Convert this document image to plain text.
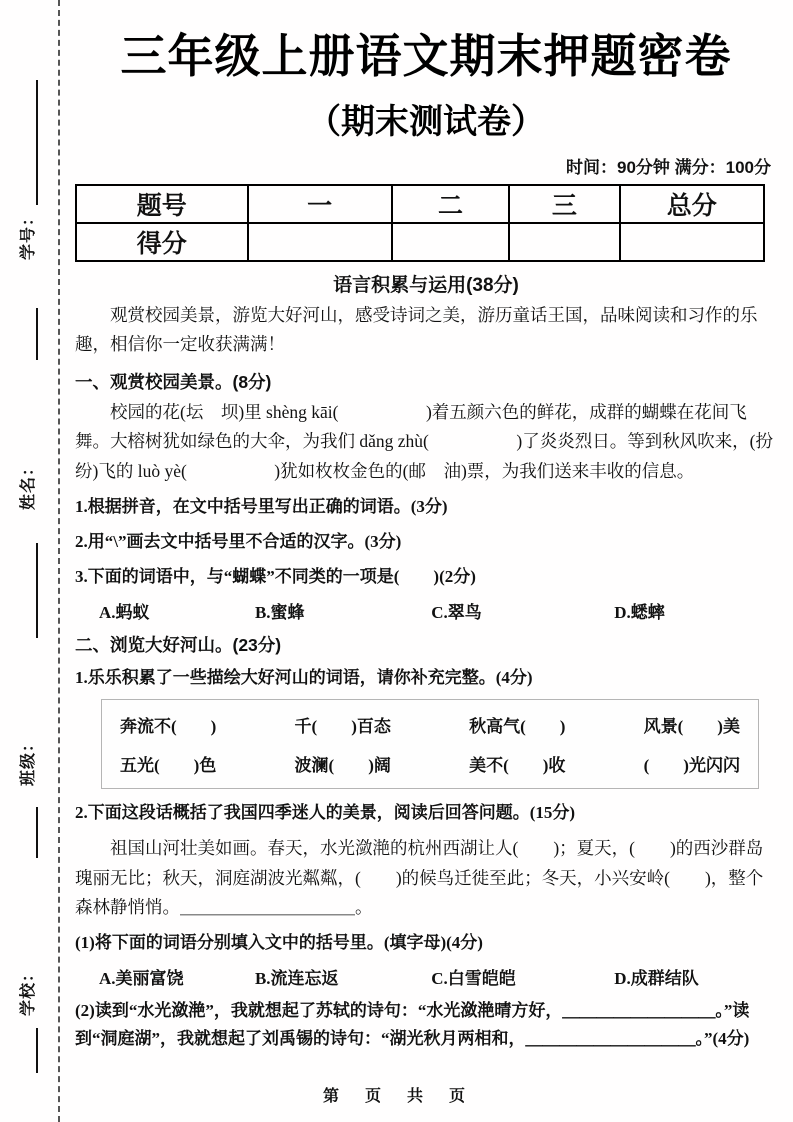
学号：
姓名：
班级：
学校：
三年级上册语文期末押题密卷
（期末测试卷）
时间：90分钟 满分：100分
题号	一	二	三	总分
得分				
语言积累与运用(38分)

观赏校园美景，游览大好河山，感受诗词之美，游历童话王国，品味阅读和习作的乐趣，相信你一定收获满满！

一、观赏校园美景。(8分)

校园的花(坛　坝)里 shèng kāi(　　　　　)着五颜六色的鲜花，成群的蝴蝶在花间飞舞。大榕树犹如绿色的大伞，为我们 dǎng zhù(　　　　　)了炎炎烈日。等到秋风吹来，(扮　纷)飞的 luò yè(　　　　　)犹如枚枚金色的(邮　油)票，为我们送来丰收的信息。

1.根据拼音，在文中括号里写出正确的词语。(3分)

2.用“\”画去文中括号里不合适的汉字。(3分)

3.下面的词语中，与“蝴蝶”不同类的一项是(　　)(2分)

A.蚂蚁	B.蜜蜂	C.翠鸟	D.蟋蟀
二、浏览大好河山。(23分)

1.乐乐积累了一些描绘大好河山的词语，请你补充完整。(4分)

奔流不(　　)	千(　　)百态	秋高气(　　)	风景(　　)美
五光(　　)色	波澜(　　)阔	美不(　　)收	(　　)光闪闪

2.下面这段话概括了我国四季迷人的美景，阅读后回答问题。(15分)

祖国山河壮美如画。春天，水光潋滟的杭州西湖让人(　　)；夏天，(　　)的西沙群岛瑰丽无比；秋天，洞庭湖波光粼粼，(　　)的候鸟迁徙至此；冬天，小兴安岭(　　)，整个森林静悄悄。＿＿＿＿＿＿＿＿＿＿。

(1)将下面的词语分别填入文中的括号里。(填字母)(4分)

A.美丽富饶	B.流连忘返	C.白雪皑皑	D.成群结队

(2)读到“水光潋滟”，我就想起了苏轼的诗句：“水光潋滟晴方好，＿＿＿＿＿＿＿＿＿。”读到“洞庭湖”，我就想起了刘禹锡的诗句：“湖光秋月两相和，＿＿＿＿＿＿＿＿＿＿。”(4分)

第　页　共　页
